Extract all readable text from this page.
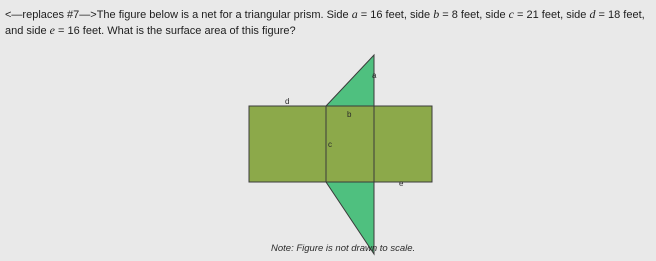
<—replaces #7—>The figure below is a net for a triangular prism. Side a = 16 feet, side b = 8 feet, side c = 21 feet, side d = 18 feet,
and side e = 16 feet. What is the surface area of this figure?
a
b
c
d
e
Note: Figure is not drawn to scale.
